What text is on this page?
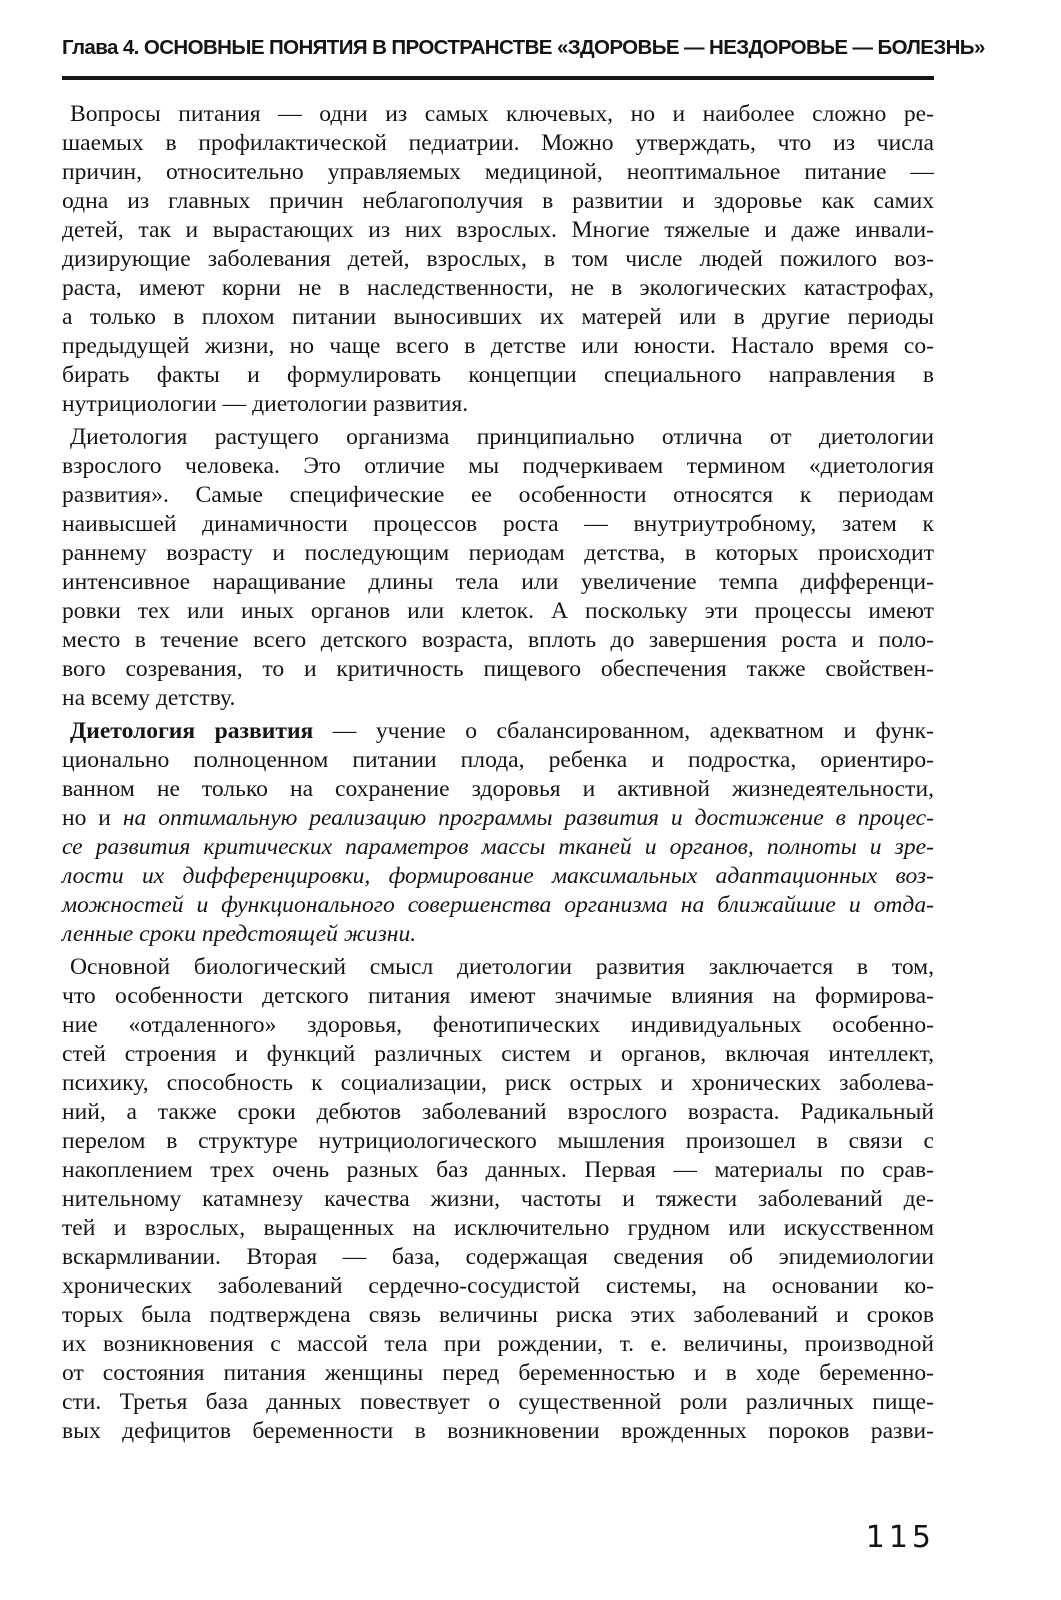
Глава 4. ОСНОВНЫЕ ПОНЯТИЯ В ПРОСТРАНСТВЕ «ЗДОРОВЬЕ — НЕЗДОРОВЬЕ — БОЛЕЗНЬ»
Вопросы питания — одни из самых ключевых, но и наиболее сложно ре-
шаемых в профилактической педиатрии. Можно утверждать, что из числа
причин, относительно управляемых медициной, неоптимальное питание —
одна из главных причин неблагополучия в развитии и здоровье как самих
детей, так и вырастающих из них взрослых. Многие тяжелые и даже инвали-
дизирующие заболевания детей, взрослых, в том числе людей пожилого воз-
раста, имеют корни не в наследственности, не в экологических катастрофах,
а только в плохом питании выносивших их матерей или в другие периоды
предыдущей жизни, но чаще всего в детстве или юности. Настало время со-
бирать факты и формулировать концепции специального направления в
нутрициологии — диетологии развития.
Диетология растущего организма принципиально отлична от диетологии
взрослого человека. Это отличие мы подчеркиваем термином «диетология
развития». Самые специфические ее особенности относятся к периодам
наивысшей динамичности процессов роста — внутриутробному, затем к
раннему возрасту и последующим периодам детства, в которых происходит
интенсивное наращивание длины тела или увеличение темпа дифференци-
ровки тех или иных органов или клеток. А поскольку эти процессы имеют
место в течение всего детского возраста, вплоть до завершения роста и поло-
вого созревания, то и критичность пищевого обеспечения также свойствен-
на всему детству.
Диетология развития — учение о сбалансированном, адекватном и функ-
ционально полноценном питании плода, ребенка и подростка, ориентиро-
ванном не только на сохранение здоровья и активной жизнедеятельности,
но и на оптимальную реализацию программы развития и достижение в процес-
се развития критических параметров массы тканей и органов, полноты и зре-
лости их дифференцировки, формирование максимальных адаптационных воз-
можностей и функционального совершенства организма на ближайшие и отда-
ленные сроки предстоящей жизни.
Основной биологический смысл диетологии развития заключается в том,
что особенности детского питания имеют значимые влияния на формирова-
ние «отдаленного» здоровья, фенотипических индивидуальных особенно-
стей строения и функций различных систем и органов, включая интеллект,
психику, способность к социализации, риск острых и хронических заболева-
ний, а также сроки дебютов заболеваний взрослого возраста. Радикальный
перелом в структуре нутрициологического мышления произошел в связи с
накоплением трех очень разных баз данных. Первая — материалы по срав-
нительному катамнезу качества жизни, частоты и тяжести заболеваний де-
тей и взрослых, выращенных на исключительно грудном или искусственном
вскармливании. Вторая — база, содержащая сведения об эпидемиологии
хронических заболеваний сердечно-сосудистой системы, на основании ко-
торых была подтверждена связь величины риска этих заболеваний и сроков
их возникновения с массой тела при рождении, т. е. величины, производной
от состояния питания женщины перед беременностью и в ходе беременно-
сти. Третья база данных повествует о существенной роли различных пище-
вых дефицитов беременности в возникновении врожденных пороков разви-
115
